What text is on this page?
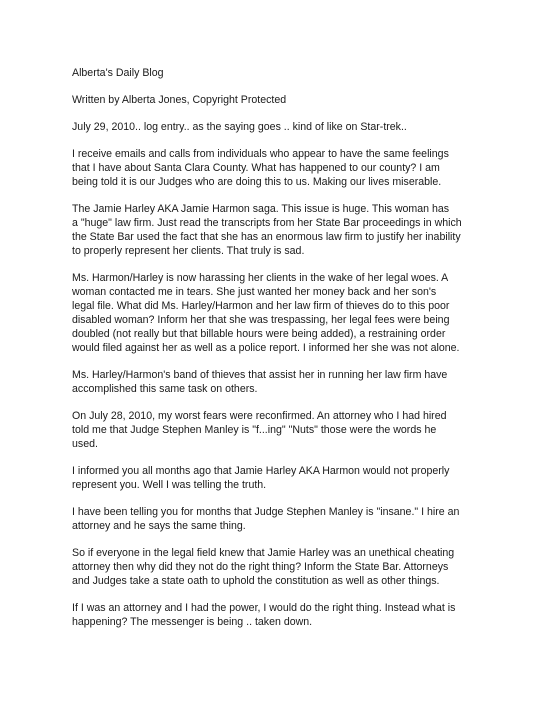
Alberta's Daily Blog
Written by Alberta Jones, Copyright Protected
July 29, 2010.. log entry.. as the saying goes .. kind of like on Star-trek..
I receive emails and calls from individuals who appear to have the same feelings
that I have about Santa Clara County. What has happened to our county? I am
being told it is our Judges who are doing this to us. Making our lives miserable.
The Jamie Harley AKA Jamie Harmon saga. This issue is huge. This woman has
a "huge" law firm. Just read the transcripts from her State Bar proceedings in which
the State Bar used the fact that she has an enormous law firm to justify her inability
to properly represent her clients. That truly is sad.
Ms. Harmon/Harley is now harassing her clients in the wake of her legal woes. A
woman contacted me in tears. She just wanted her money back and her son's
legal file. What did Ms. Harley/Harmon and her law firm of thieves do to this poor
disabled woman? Inform her that she was trespassing, her legal fees were being
doubled (not really but that billable hours were being added), a restraining order
would filed against her as well as a police report. I informed her she was not alone.
Ms. Harley/Harmon's band of thieves that assist her in running her law firm have
accomplished this same task on others.
On July 28, 2010, my worst fears were reconfirmed. An attorney who I had hired
told me that Judge Stephen Manley is "f...ing" "Nuts" those were the words he
used.
I informed you all months ago that Jamie Harley AKA Harmon would not properly
represent you. Well I was telling the truth.
I have been telling you for months that Judge Stephen Manley is "insane." I hire an
attorney and he says the same thing.
So if everyone in the legal field knew that Jamie Harley was an unethical cheating
attorney then why did they not do the right thing? Inform the State Bar. Attorneys
and Judges take a state oath to uphold the constitution as well as other things.
If I was an attorney and I had the power, I would do the right thing. Instead what is
happening? The messenger is being .. taken down.
